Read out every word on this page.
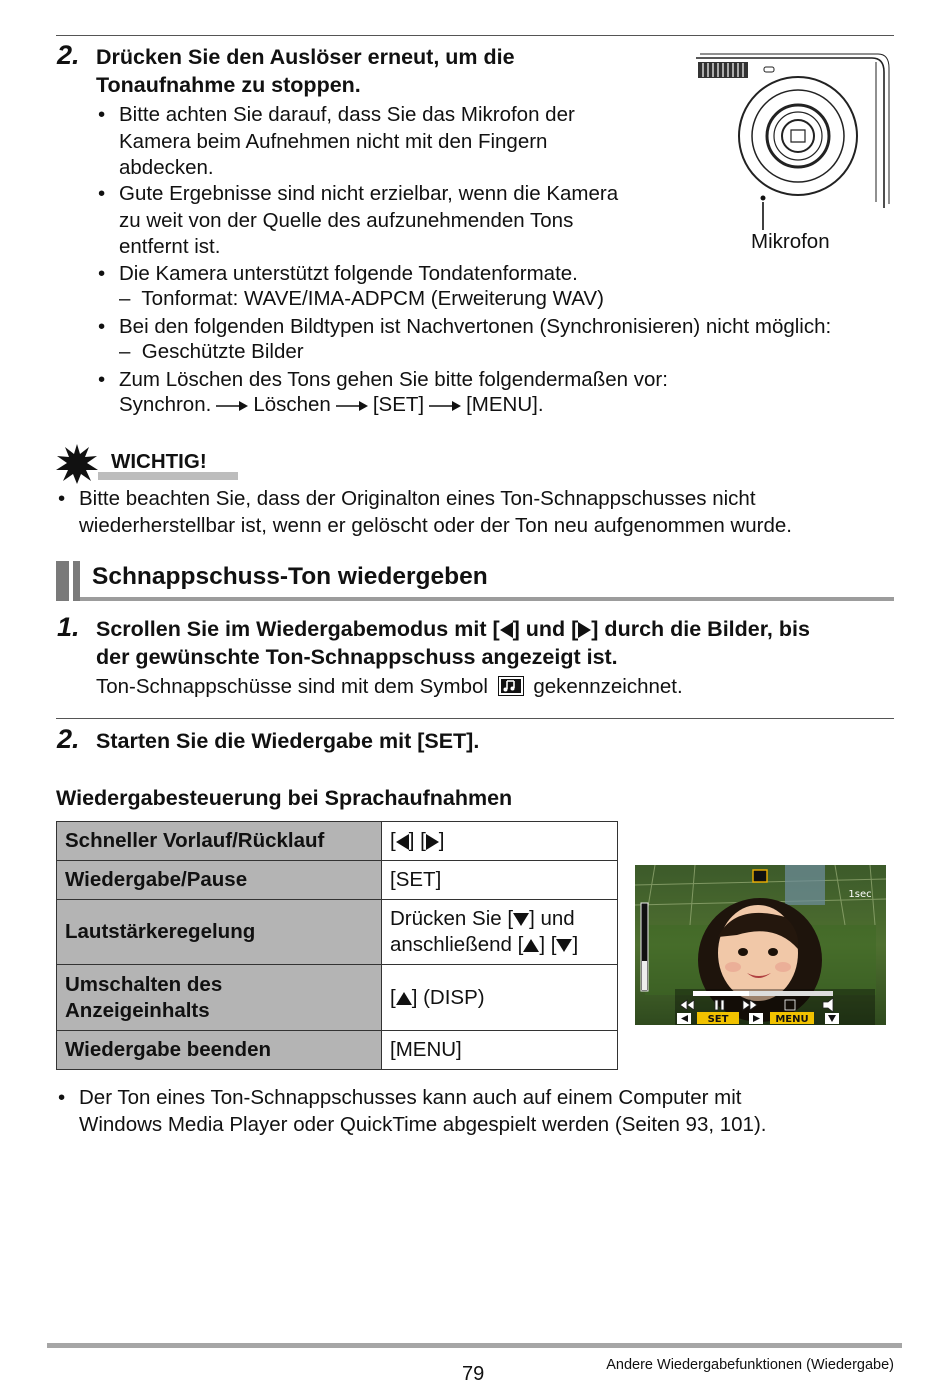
2. Drücken Sie den Auslöser erneut, um die
Tonaufnahme zu stoppen.
• Bitte achten Sie darauf, dass Sie das Mikrofon der
Kamera beim Aufnehmen nicht mit den Fingern
abdecken.
• Gute Ergebnisse sind nicht erzielbar, wenn die Kamera
zu weit von der Quelle des aufzunehmenden Tons
entfernt ist.
• Die Kamera unterstützt folgende Tondatenformate.
–  Tonformat: WAVE/IMA-ADPCM (Erweiterung WAV)
• Bei den folgenden Bildtypen ist Nachvertonen (Synchronisieren) nicht möglich:
–  Geschützte Bilder
• Zum Löschen des Tons gehen Sie bitte folgendermaßen vor:
Synchron. Löschen [SET] [MENU].
Mikrofon
WICHTIG!
• Bitte beachten Sie, dass der Originalton eines Ton-Schnappschusses nicht
wiederherstellbar ist, wenn er gelöscht oder der Ton neu aufgenommen wurde.
Schnappschuss-Ton wiedergeben
1. Scrollen Sie im Wiedergabemodus mit [ ] und [ ] durch die Bilder, bis
der gewünschte Ton-Schnappschuss angezeigt ist.
Ton-Schnappschüsse sind mit dem Symbol gekennzeichnet.
2. Starten Sie die Wiedergabe mit [SET].
Wiedergabesteuerung bei Sprachaufnahmen
Schneller Vorlauf/Rücklauf	[ ] [ ]
Wiedergabe/Pause	[SET]
Lautstärkeregelung	Drücken Sie [ ] und
anschließend [ ] [ ]

Umschalten des
Anzeigeinhalts	[ ] (DISP)
Wiedergabe beenden	[MENU]
1sec
SET	MENU
• Der Ton eines Ton-Schnappschusses kann auch auf einem Computer mit
Windows Media Player oder QuickTime abgespielt werden (Seiten 93, 101).
79	Andere Wiedergabefunktionen (Wiedergabe)
